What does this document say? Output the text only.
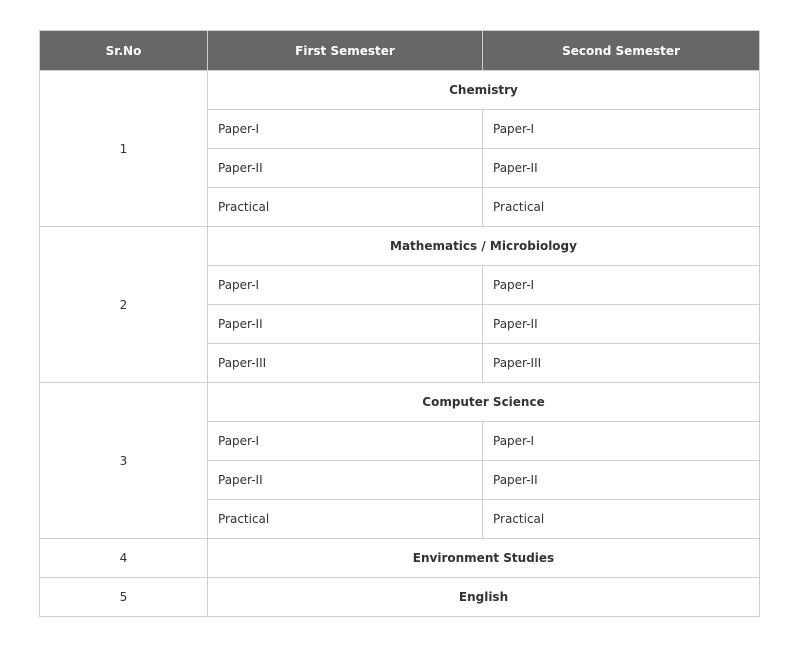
Sr.No	First Semester	Second Semester
1	Chemistry	
	Paper-I	Paper-I
	Paper-II	Paper-II
	Practical	Practical
2	Mathematics / Microbiology	
	Paper-I	Paper-I
	Paper-II	Paper-II
	Paper-III	Paper-III
3	Computer Science	
	Paper-I	Paper-I
	Paper-II	Paper-II
	Practical	Practical
4	Environment Studies	
5	English	
